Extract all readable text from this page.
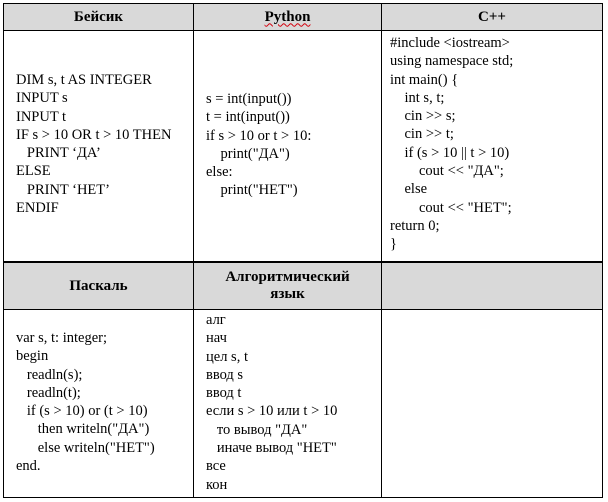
Бейсик	Python	C++
DIM s, t AS INTEGER
INPUT s
INPUT t
IF s > 10 OR t > 10 THEN
PRINT ‘ДА’
ELSE
PRINT ‘НЕТ’
ENDIF
s = int(input())
t = int(input())
if s > 10 or t > 10:
print("ДА")
else:
print("НЕТ")
#include <iostream>
using namespace std;
int main() {
int s, t;
cin >> s;
cin >> t;
if (s > 10 || t > 10)
cout << "ДА";
else
cout << "НЕТ";
return 0;
}
Паскаль
Алгоритмический
язык
var s, t: integer;
begin
readln(s);
readln(t);
if (s > 10) or (t > 10)
then writeln("ДА")
else writeln("НЕТ")
end.
алг
нач
цел s, t
ввод s
ввод t
если s > 10 или t > 10
то вывод "ДА"
иначе вывод "НЕТ"
все
кон
